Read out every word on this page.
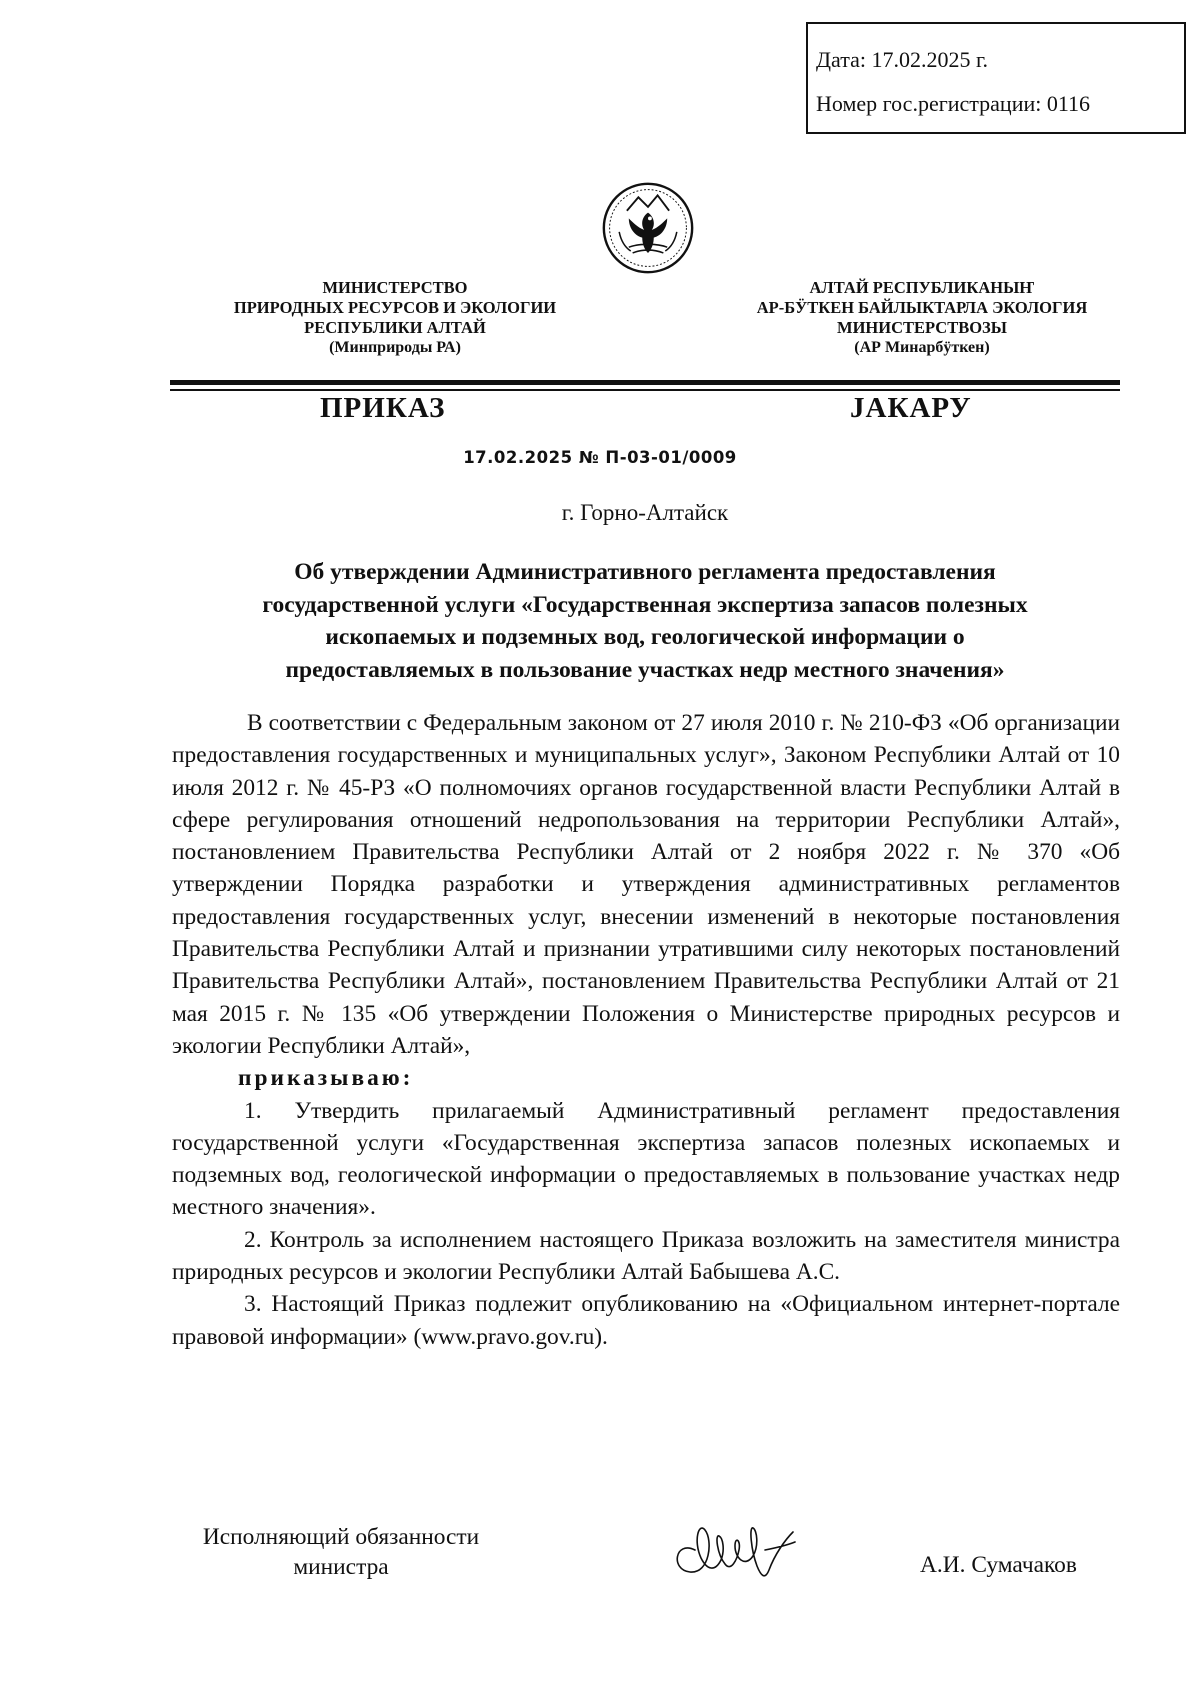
Дата: 17.02.2025 г.
Номер гос.регистрации: 0116
МИНИСТЕРСТВО
ПРИРОДНЫХ РЕСУРСОВ И ЭКОЛОГИИ
РЕСПУБЛИКИ АЛТАЙ
(Минприроды РА)
АЛТАЙ РЕСПУБЛИКАНЫҤ
АР-БӰТКЕН БАЙЛЫКТАРЛА ЭКОЛОГИЯ
МИНИСТЕРСТВОЗЫ
(АР Минарбӱткен)
ПРИКАЗ	JАКАРУ
17.02.2025 № П-03-01/0009
г. Горно-Алтайск
Об утверждении Административного регламента предоставления
государственной услуги «Государственная экспертиза запасов полезных
ископаемых и подземных вод, геологической информации о
предоставляемых в пользование участках недр местного значения»

В соответствии с Федеральным законом от 27 июля 2010 г. № 210-ФЗ «Об организации предоставления государственных и муниципальных услуг», Законом Республики Алтай от 10 июля 2012 г. № 45-РЗ «О полномочиях органов государственной власти Республики Алтай в сфере регулирования отношений недропользования на территории Республики Алтай», постановлением Правительства Республики Алтай от 2 ноября 2022 г. № 370 «Об утверждении Порядка разработки и утверждения административных регламентов предоставления государственных услуг, внесении изменений в некоторые постановления Правительства Республики Алтай и признании утратившими силу некоторых постановлений Правительства Республики Алтай», постановлением Правительства Республики Алтай от 21 мая 2015 г. № 135 «Об утверждении Положения о Министерстве природных ресурсов и экологии Республики Алтай»,

приказываю:

1. Утвердить прилагаемый Административный регламент предоставления государственной услуги «Государственная экспертиза запасов полезных ископаемых и подземных вод, геологической информации о предоставляемых в пользование участках недр местного значения».

2. Контроль за исполнением настоящего Приказа возложить на заместителя министра природных ресурсов и экологии Республики Алтай Бабышева А.С.

3. Настоящий Приказ подлежит опубликованию на «Официальном интернет-портале правовой информации» (www.pravo.gov.ru).

Исполняющий обязанности
министра	А.И. Сумачаков
